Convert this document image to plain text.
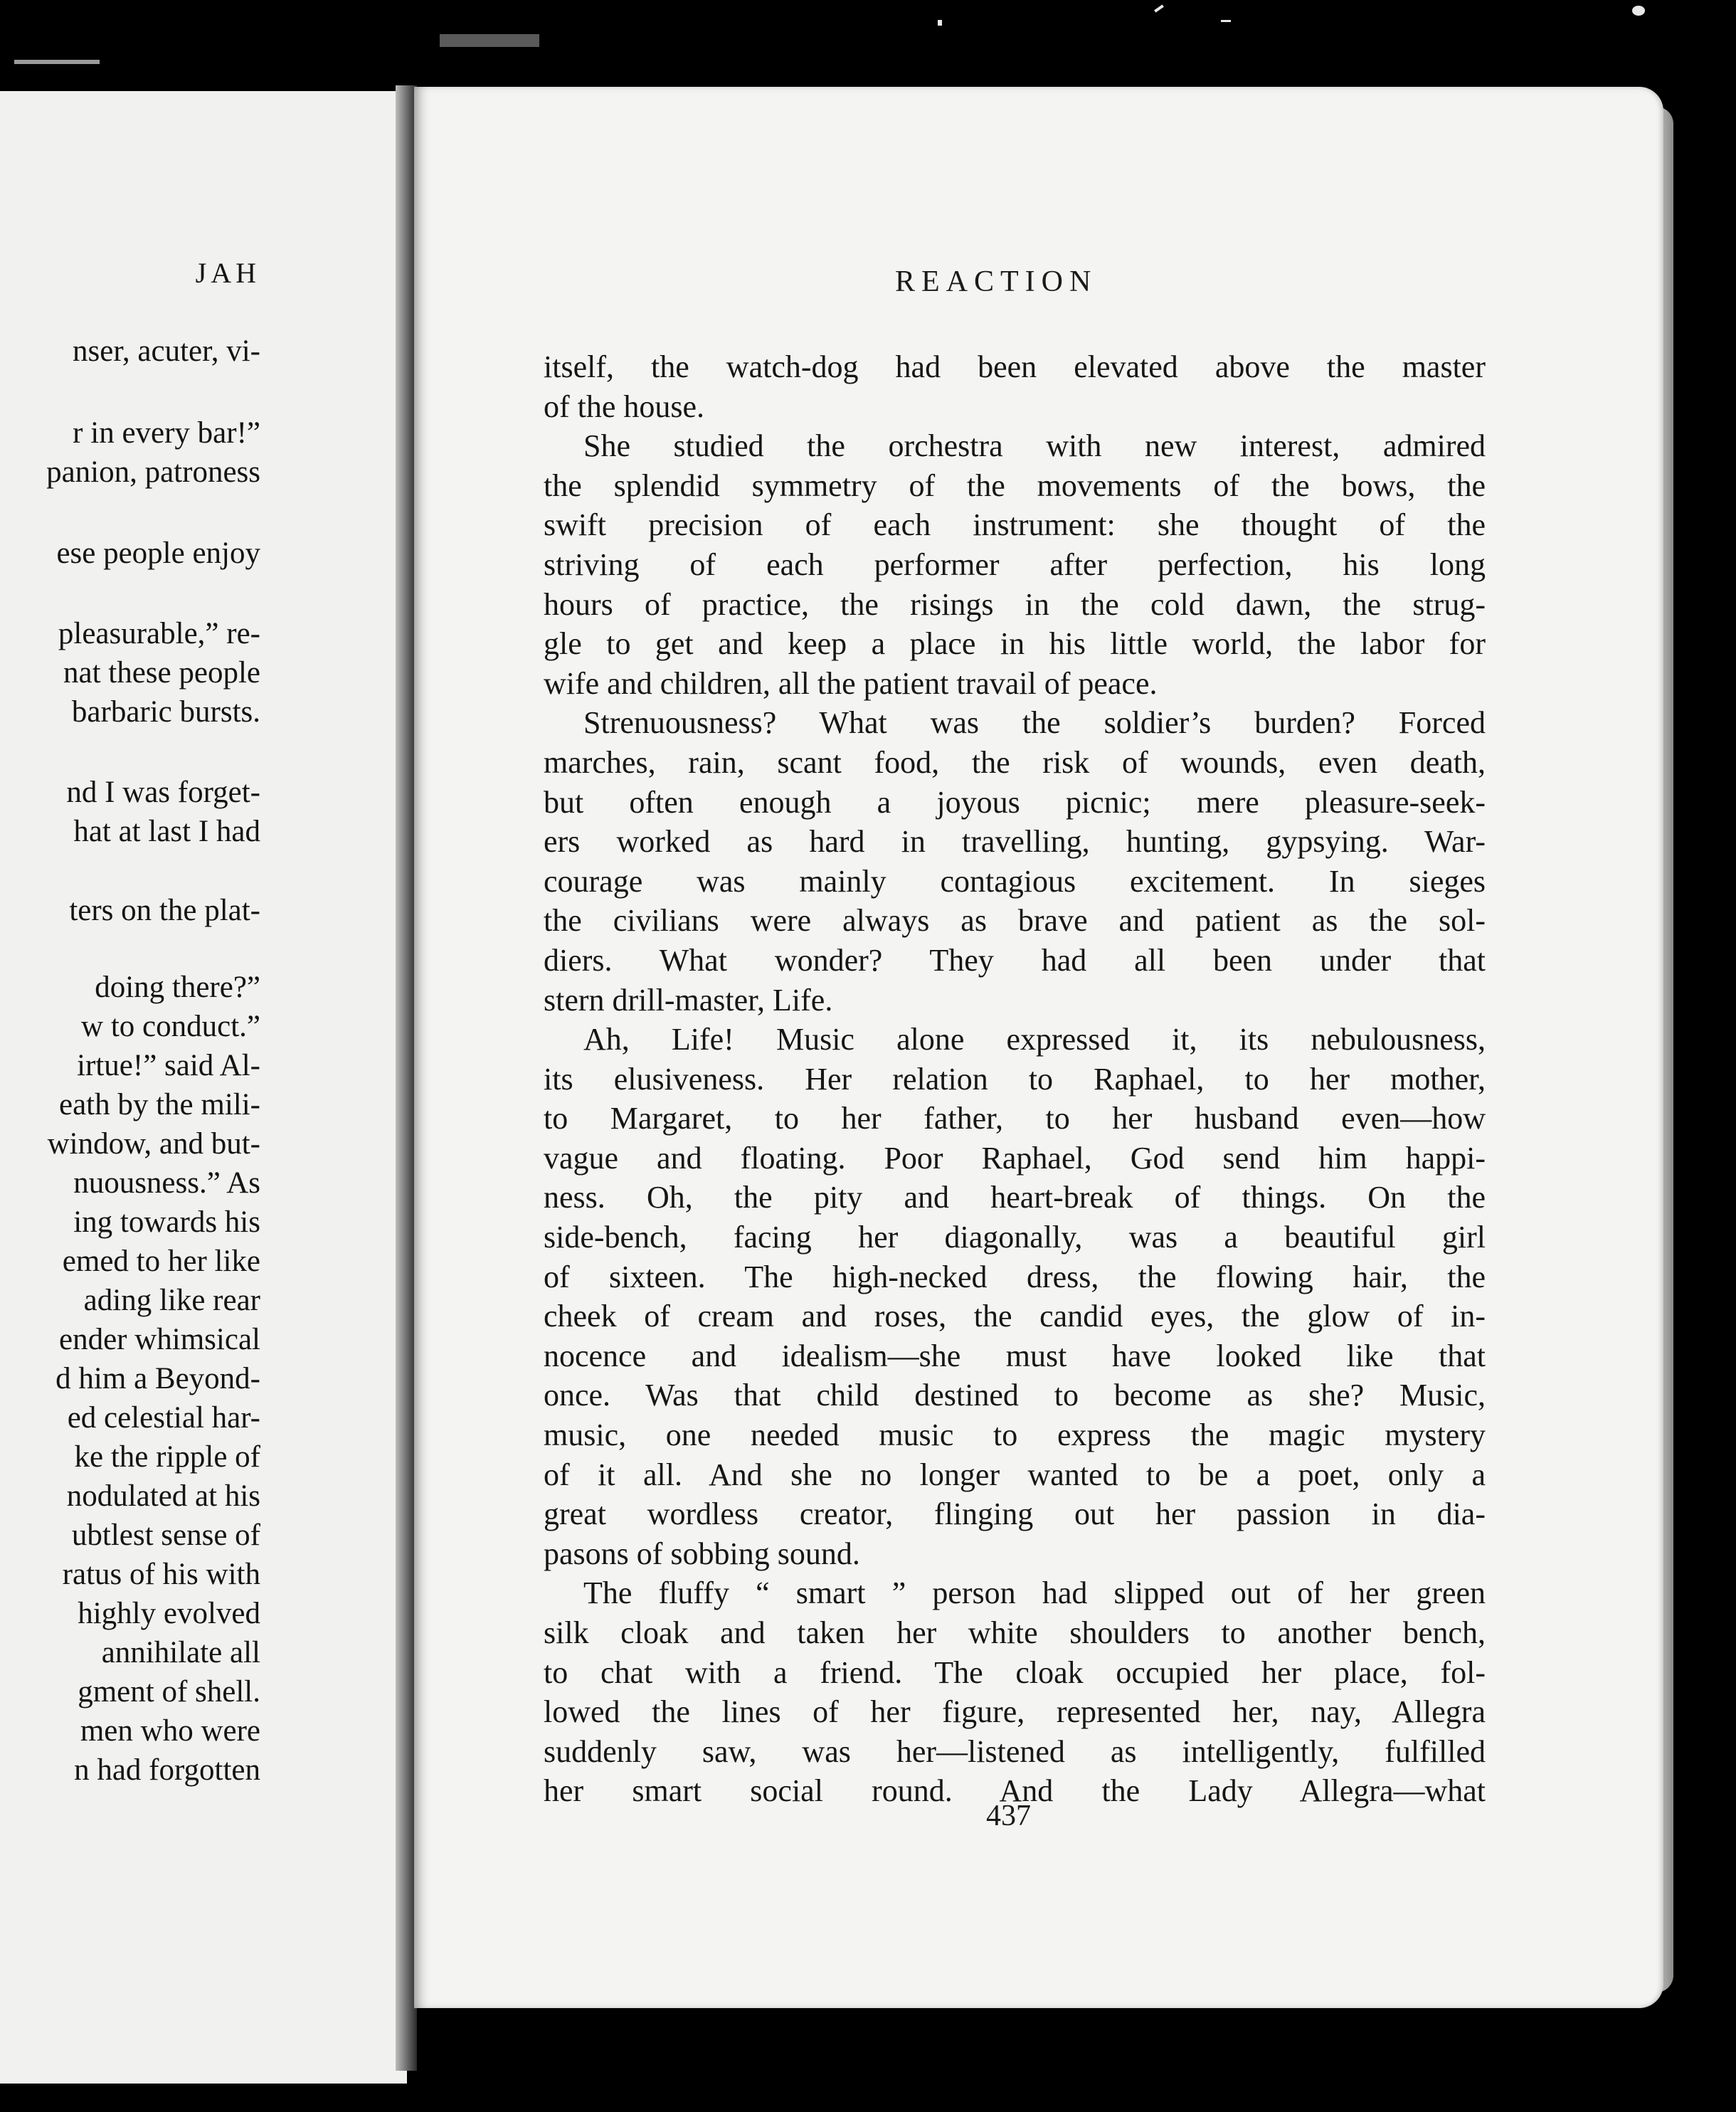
JAH
nser, acuter, vi-
r in every bar!”
panion, patroness
ese people enjoy
pleasurable,” re-
nat these people
barbaric bursts.
nd I was forget-
hat at last I had
ters on the plat-
doing there?”
w to conduct.”
irtue!” said Al-
eath by the mili-
window, and but-
nuousness.” As
ing towards his
emed to her like
ading like rear
ender whimsical
d him a Beyond-
ed celestial har-
ke the ripple of
nodulated at his
ubtlest sense of
ratus of his with
highly evolved
annihilate all
gment of shell.
men who were
n had forgotten
REACTION
itself, the watch-dog had been elevated above the master
of the house.
She studied the orchestra with new interest, admired
the splendid symmetry of the movements of the bows, the
swift precision of each instrument: she thought of the
striving of each performer after perfection, his long
hours of practice, the risings in the cold dawn, the strug-
gle to get and keep a place in his little world, the labor for
wife and children, all the patient travail of peace.
Strenuousness? What was the soldier’s burden? Forced
marches, rain, scant food, the risk of wounds, even death,
but often enough a joyous picnic; mere pleasure-seek-
ers worked as hard in travelling, hunting, gypsying. War-
courage was mainly contagious excitement. In sieges
the civilians were always as brave and patient as the sol-
diers. What wonder? They had all been under that
stern drill-master, Life.
Ah, Life! Music alone expressed it, its nebulousness,
its elusiveness. Her relation to Raphael, to her mother,
to Margaret, to her father, to her husband even—how
vague and floating. Poor Raphael, God send him happi-
ness. Oh, the pity and heart-break of things. On the
side-bench, facing her diagonally, was a beautiful girl
of sixteen. The high-necked dress, the flowing hair, the
cheek of cream and roses, the candid eyes, the glow of in-
nocence and idealism—she must have looked like that
once. Was that child destined to become as she? Music,
music, one needed music to express the magic mystery
of it all. And she no longer wanted to be a poet, only a
great wordless creator, flinging out her passion in dia-
pasons of sobbing sound.
The fluffy “ smart ” person had slipped out of her green
silk cloak and taken her white shoulders to another bench,
to chat with a friend. The cloak occupied her place, fol-
lowed the lines of her figure, represented her, nay, Allegra
suddenly saw, was her—listened as intelligently, fulfilled
her smart social round. And the Lady Allegra—what
437
